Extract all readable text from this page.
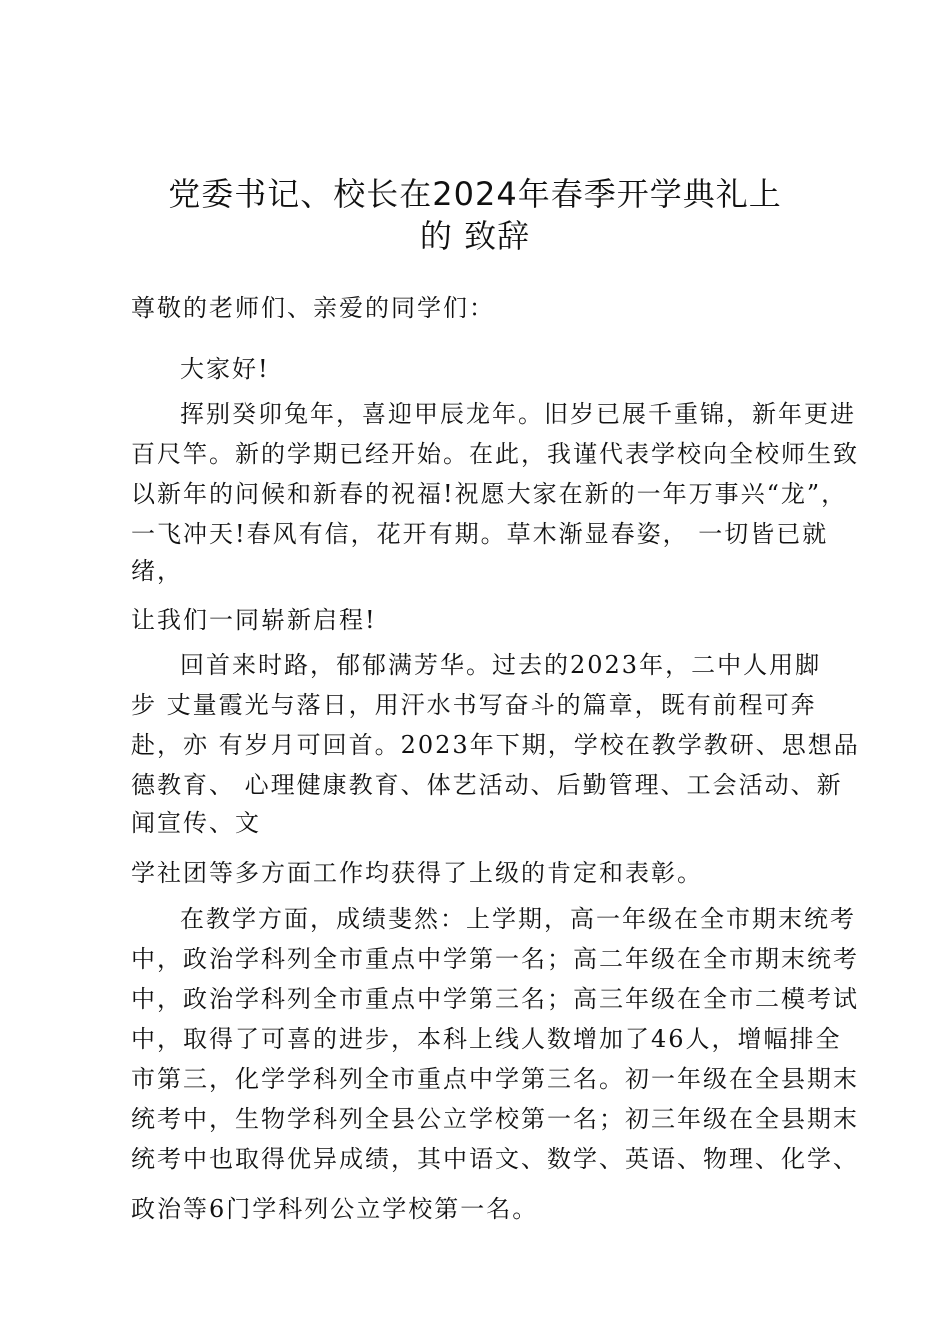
党委书记、校长在2024年春季开学典礼上
的 致辞
尊敬的老师们、亲爱的同学们：
大家好!
挥别癸卯兔年，喜迎甲辰龙年。旧岁已展千重锦，新年更进
百尺竿。新的学期已经开始。在此，我谨代表学校向全校师生致
以新年的问候和新春的祝福!祝愿大家在新的一年万事兴“龙”，
一飞冲天!春风有信，花开有期。草木渐显春姿， 一切皆已就
绪，
让我们一同崭新启程!
回首来时路，郁郁满芳华。过去的2023年，二中人用脚
步 丈量霞光与落日，用汗水书写奋斗的篇章，既有前程可奔
赴，亦 有岁月可回首。2023年下期，学校在教学教研、思想品
德教育、 心理健康教育、体艺活动、后勤管理、工会活动、新
闻宣传、文
学社团等多方面工作均获得了上级的肯定和表彰。
在教学方面，成绩斐然：上学期，高一年级在全市期末统考
中，政治学科列全市重点中学第一名；高二年级在全市期末统考
中，政治学科列全市重点中学第三名；高三年级在全市二模考试
中，取得了可喜的进步，本科上线人数增加了46人，增幅排全
市第三，化学学科列全市重点中学第三名。初一年级在全县期末
统考中，生物学科列全县公立学校第一名；初三年级在全县期末
统考中也取得优异成绩，其中语文、数学、英语、物理、化学、
政治等6门学科列公立学校第一名。
